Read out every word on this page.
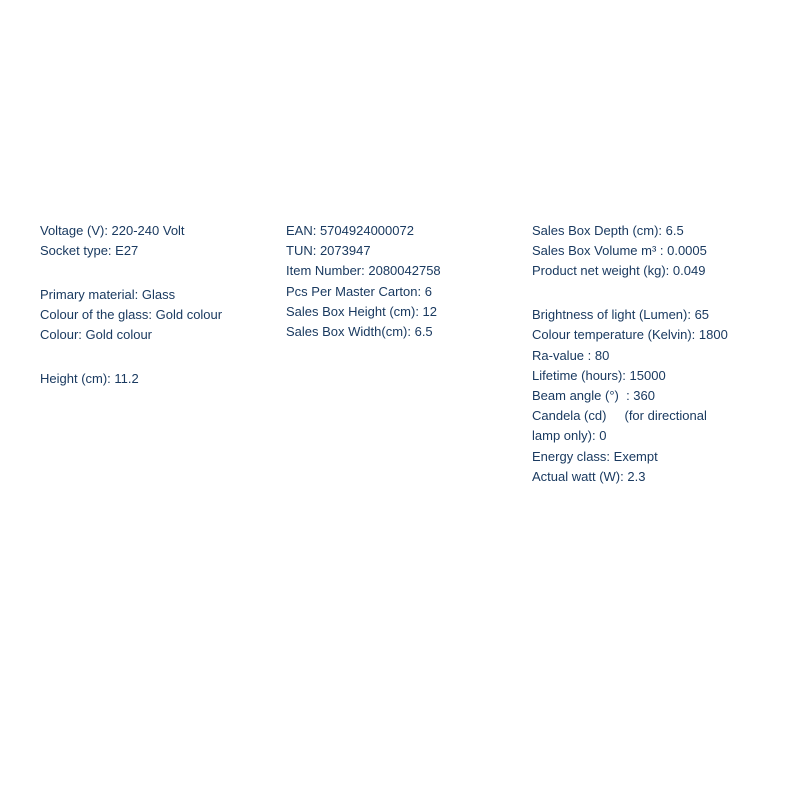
Voltage (V): 220-240 Volt
Socket type: E27
Primary material: Glass
Colour of the glass: Gold colour
Colour: Gold colour
Height (cm): 11.2
EAN: 5704924000072
TUN: 2073947
Item Number: 2080042758
Pcs Per Master Carton: 6
Sales Box Height (cm): 12
Sales Box Width(cm): 6.5
Sales Box Depth (cm): 6.5
Sales Box Volume m³ : 0.0005
Product net weight (kg): 0.049
Brightness of light (Lumen): 65
Colour temperature (Kelvin): 1800
Ra-value : 80
Lifetime (hours): 15000
Beam angle (°)  : 360
Candela (cd)     (for directional lamp only): 0
Energy class: Exempt
Actual watt (W): 2.3
